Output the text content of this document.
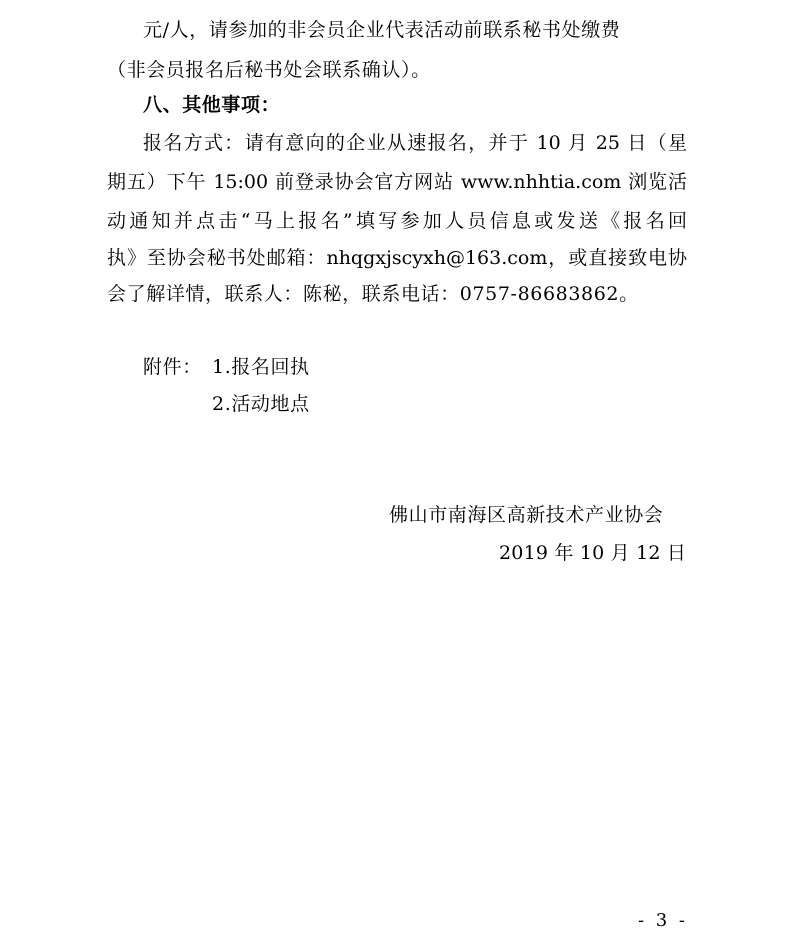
元/人，请参加的非会员企业代表活动前联系秘书处缴费
（非会员报名后秘书处会联系确认）。
八、其他事项：
报名方式：请有意向的企业从速报名，并于 10 月 25 日（星
期五）下午 15:00 前登录协会官方网站 www.nhhtia.com 浏览活
动通知并点击“马上报名”填写参加人员信息或发送《报名回
执》至协会秘书处邮箱：nhqgxjscyxh@163.com，或直接致电协
会了解详情，联系人：陈秘，联系电话：0757-86683862。
附件： 1.报名回执
2.活动地点
佛山市南海区高新技术产业协会
2019 年 10 月 12 日
- 3 -
